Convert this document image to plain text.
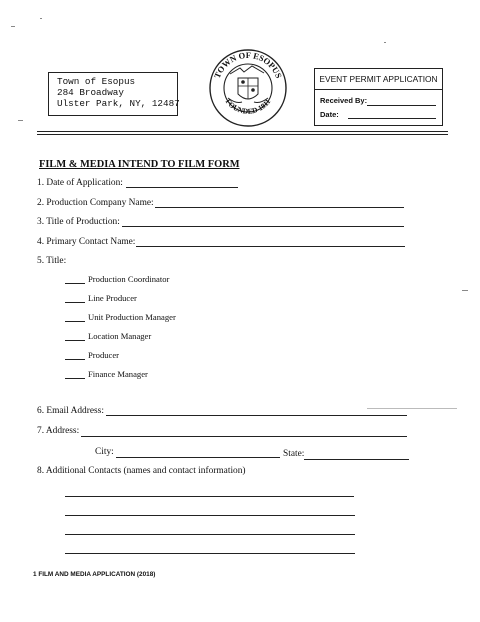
Town of Esopus
284 Broadway
Ulster Park, NY, 12487
TOWN OF ESOPUS
FOUNDED 1811
EVENT PERMIT APPLICATION
Received By:
Date:
FILM & MEDIA INTEND TO FILM FORM
1. Date of Application:
2. Production Company Name:
3. Title of Production:
4. Primary Contact Name:
5. Title:
Production Coordinator
Line Producer
Unit Production Manager
Location Manager
Producer
Finance Manager
6. Email Address:
7. Address:
City:	State:
8. Additional Contacts (names and contact information)
1 FILM AND MEDIA APPLICATION (2018)
